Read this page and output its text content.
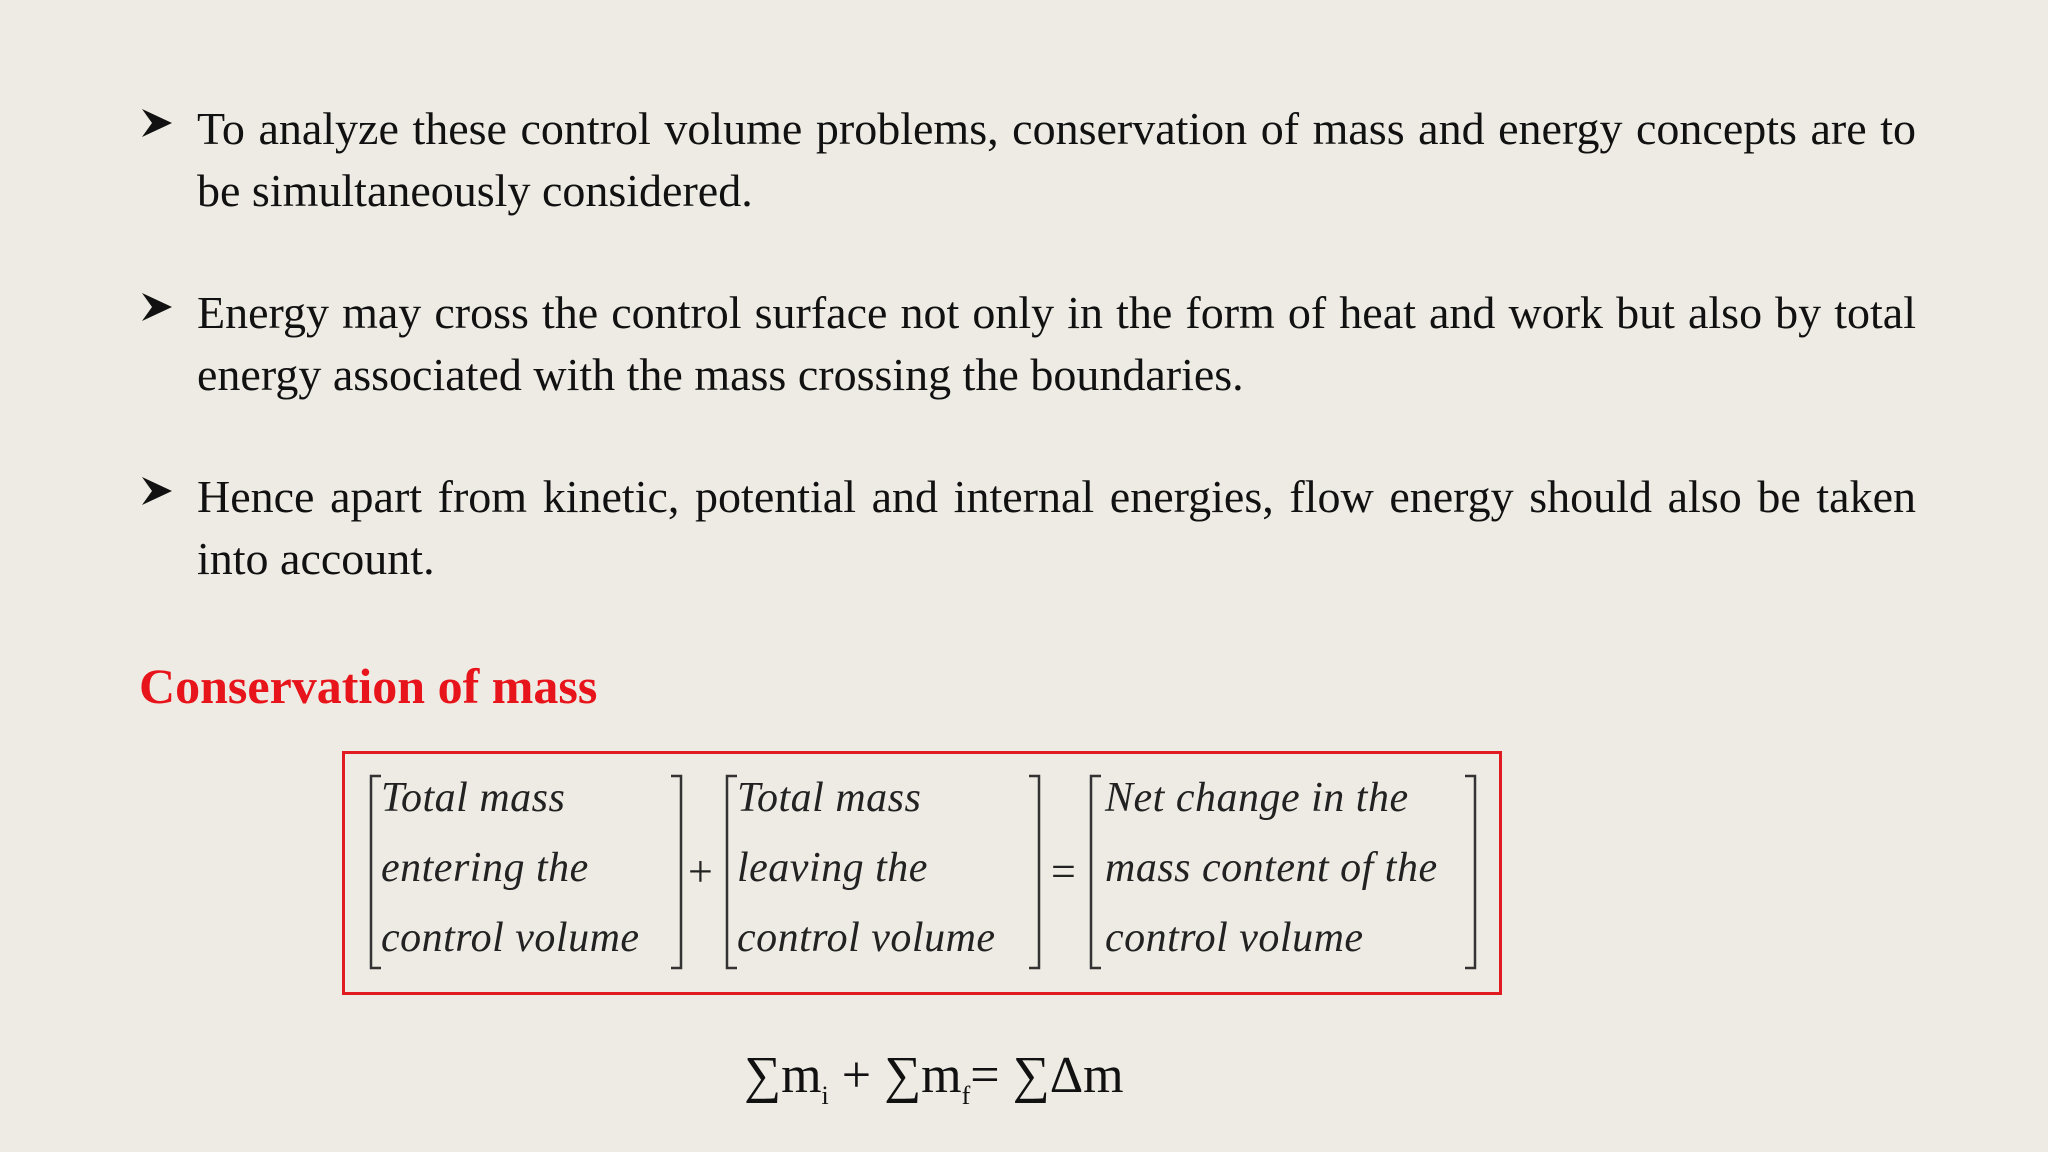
To analyze these control volume problems, conservation of mass and energy concepts are to be simultaneously considered.
Energy may cross the control surface not only in the form of heat and work but also by total energy associated with the mass crossing the boundaries.
Hence apart from kinetic, potential and internal energies, flow energy should also be taken into account.
Conservation of mass
Total mass
entering the
control volume
+
Total mass
leaving the
control volume
=
Net change in the
mass content of the
control volume
$\sum m_i + \sum m_f= \sum\Delta m$
